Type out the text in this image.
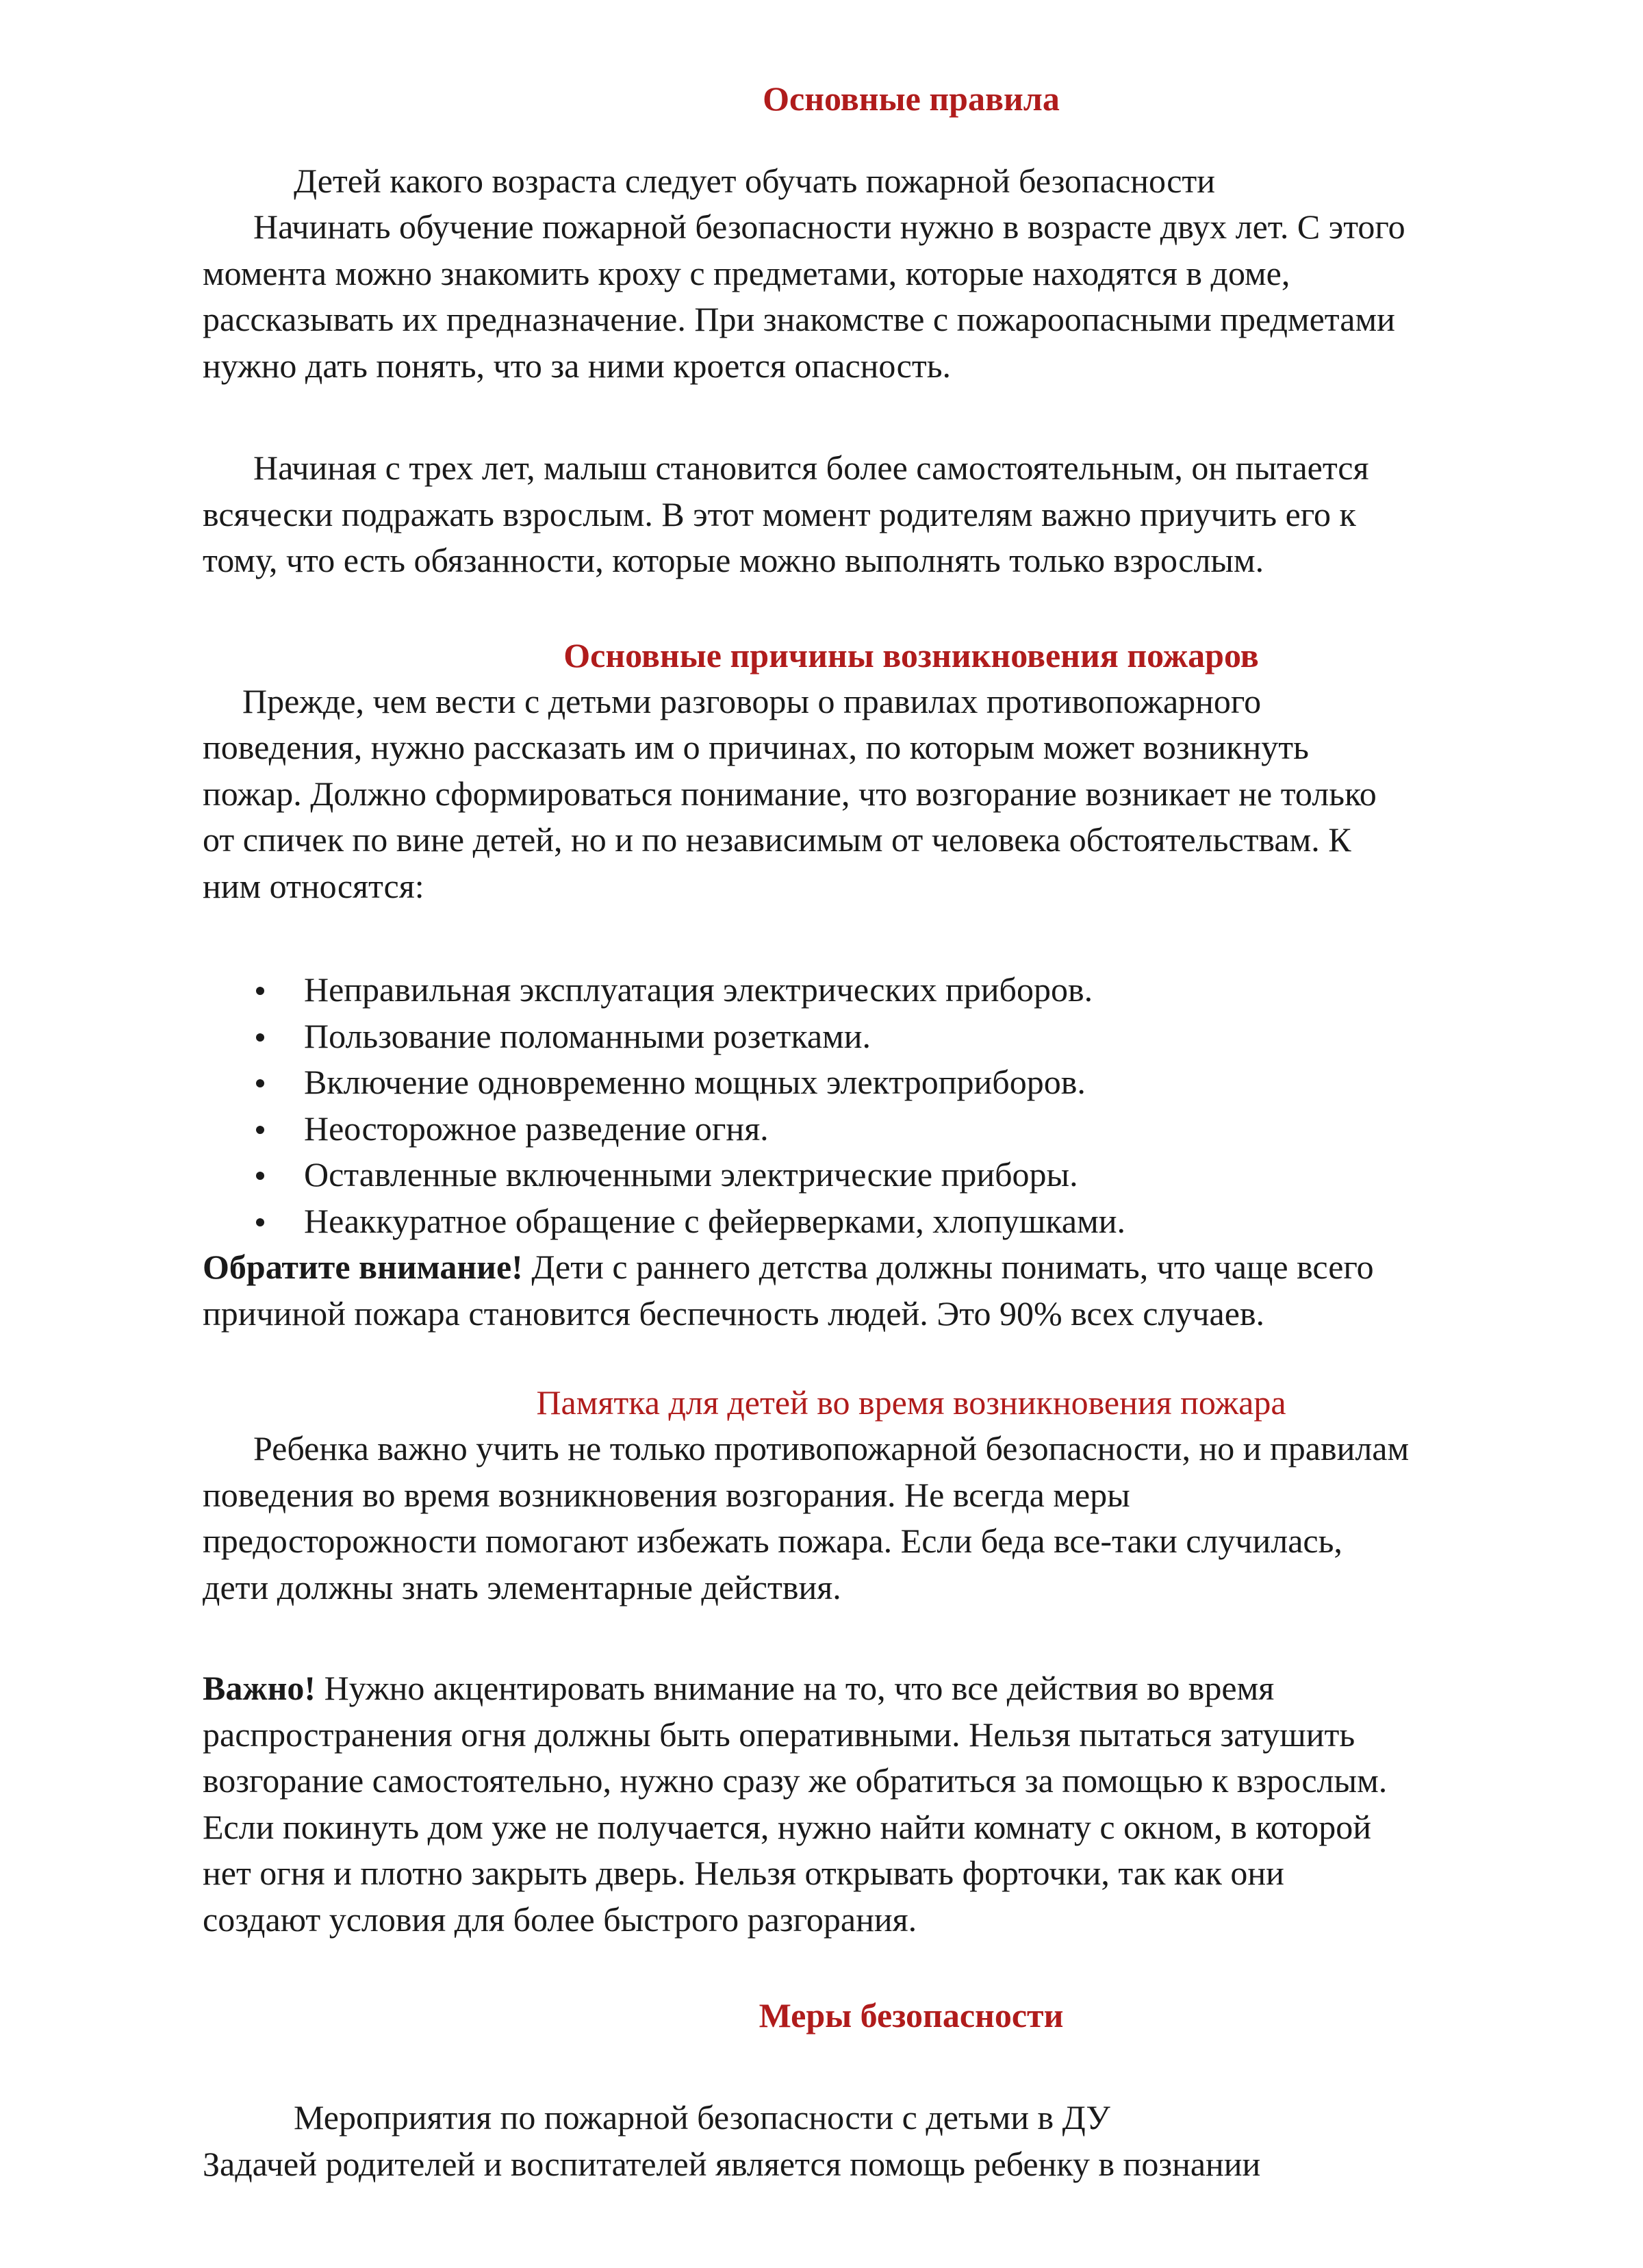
Основные правила
Детей какого возраста следует обучать пожарной безопасности
Начинать обучение пожарной безопасности нужно в возрасте двух лет. С этого
момента можно знакомить кроху с предметами, которые находятся в доме,
рассказывать их предназначение. При знакомстве с пожароопасными предметами
нужно дать понять, что за ними кроется опасность.
Начиная с трех лет, малыш становится более самостоятельным, он пытается
всячески подражать взрослым. В этот момент родителям важно приучить его к
тому, что есть обязанности, которые можно выполнять только взрослым.
Основные причины возникновения пожаров
Прежде, чем вести с детьми разговоры о правилах противопожарного
поведения, нужно рассказать им о причинах, по которым может возникнуть
пожар. Должно сформироваться понимание, что возгорание возникает не только
от спичек по вине детей, но и по независимым от человека обстоятельствам. К
ним относятся:
Неправильная эксплуатация электрических приборов.
Пользование поломанными розетками.
Включение одновременно мощных электроприборов.
Неосторожное разведение огня.
Оставленные включенными электрические приборы.
Неаккуратное обращение с фейерверками, хлопушками.
Обратите внимание! Дети с раннего детства должны понимать, что чаще всего
причиной пожара становится беспечность людей. Это 90% всех случаев.
Памятка для детей во время возникновения пожара
Ребенка важно учить не только противопожарной безопасности, но и правилам
поведения во время возникновения возгорания. Не всегда меры
предосторожности помогают избежать пожара. Если беда все-таки случилась,
дети должны знать элементарные действия.
Важно! Нужно акцентировать внимание на то, что все действия во время
распространения огня должны быть оперативными. Нельзя пытаться затушить
возгорание самостоятельно, нужно сразу же обратиться за помощью к взрослым.
Если покинуть дом уже не получается, нужно найти комнату с окном, в которой
нет огня и плотно закрыть дверь. Нельзя открывать форточки, так как они
создают условия для более быстрого разгорания.
Меры безопасности
Мероприятия по пожарной безопасности с детьми в ДУ
Задачей родителей и воспитателей является помощь ребенку в познании
